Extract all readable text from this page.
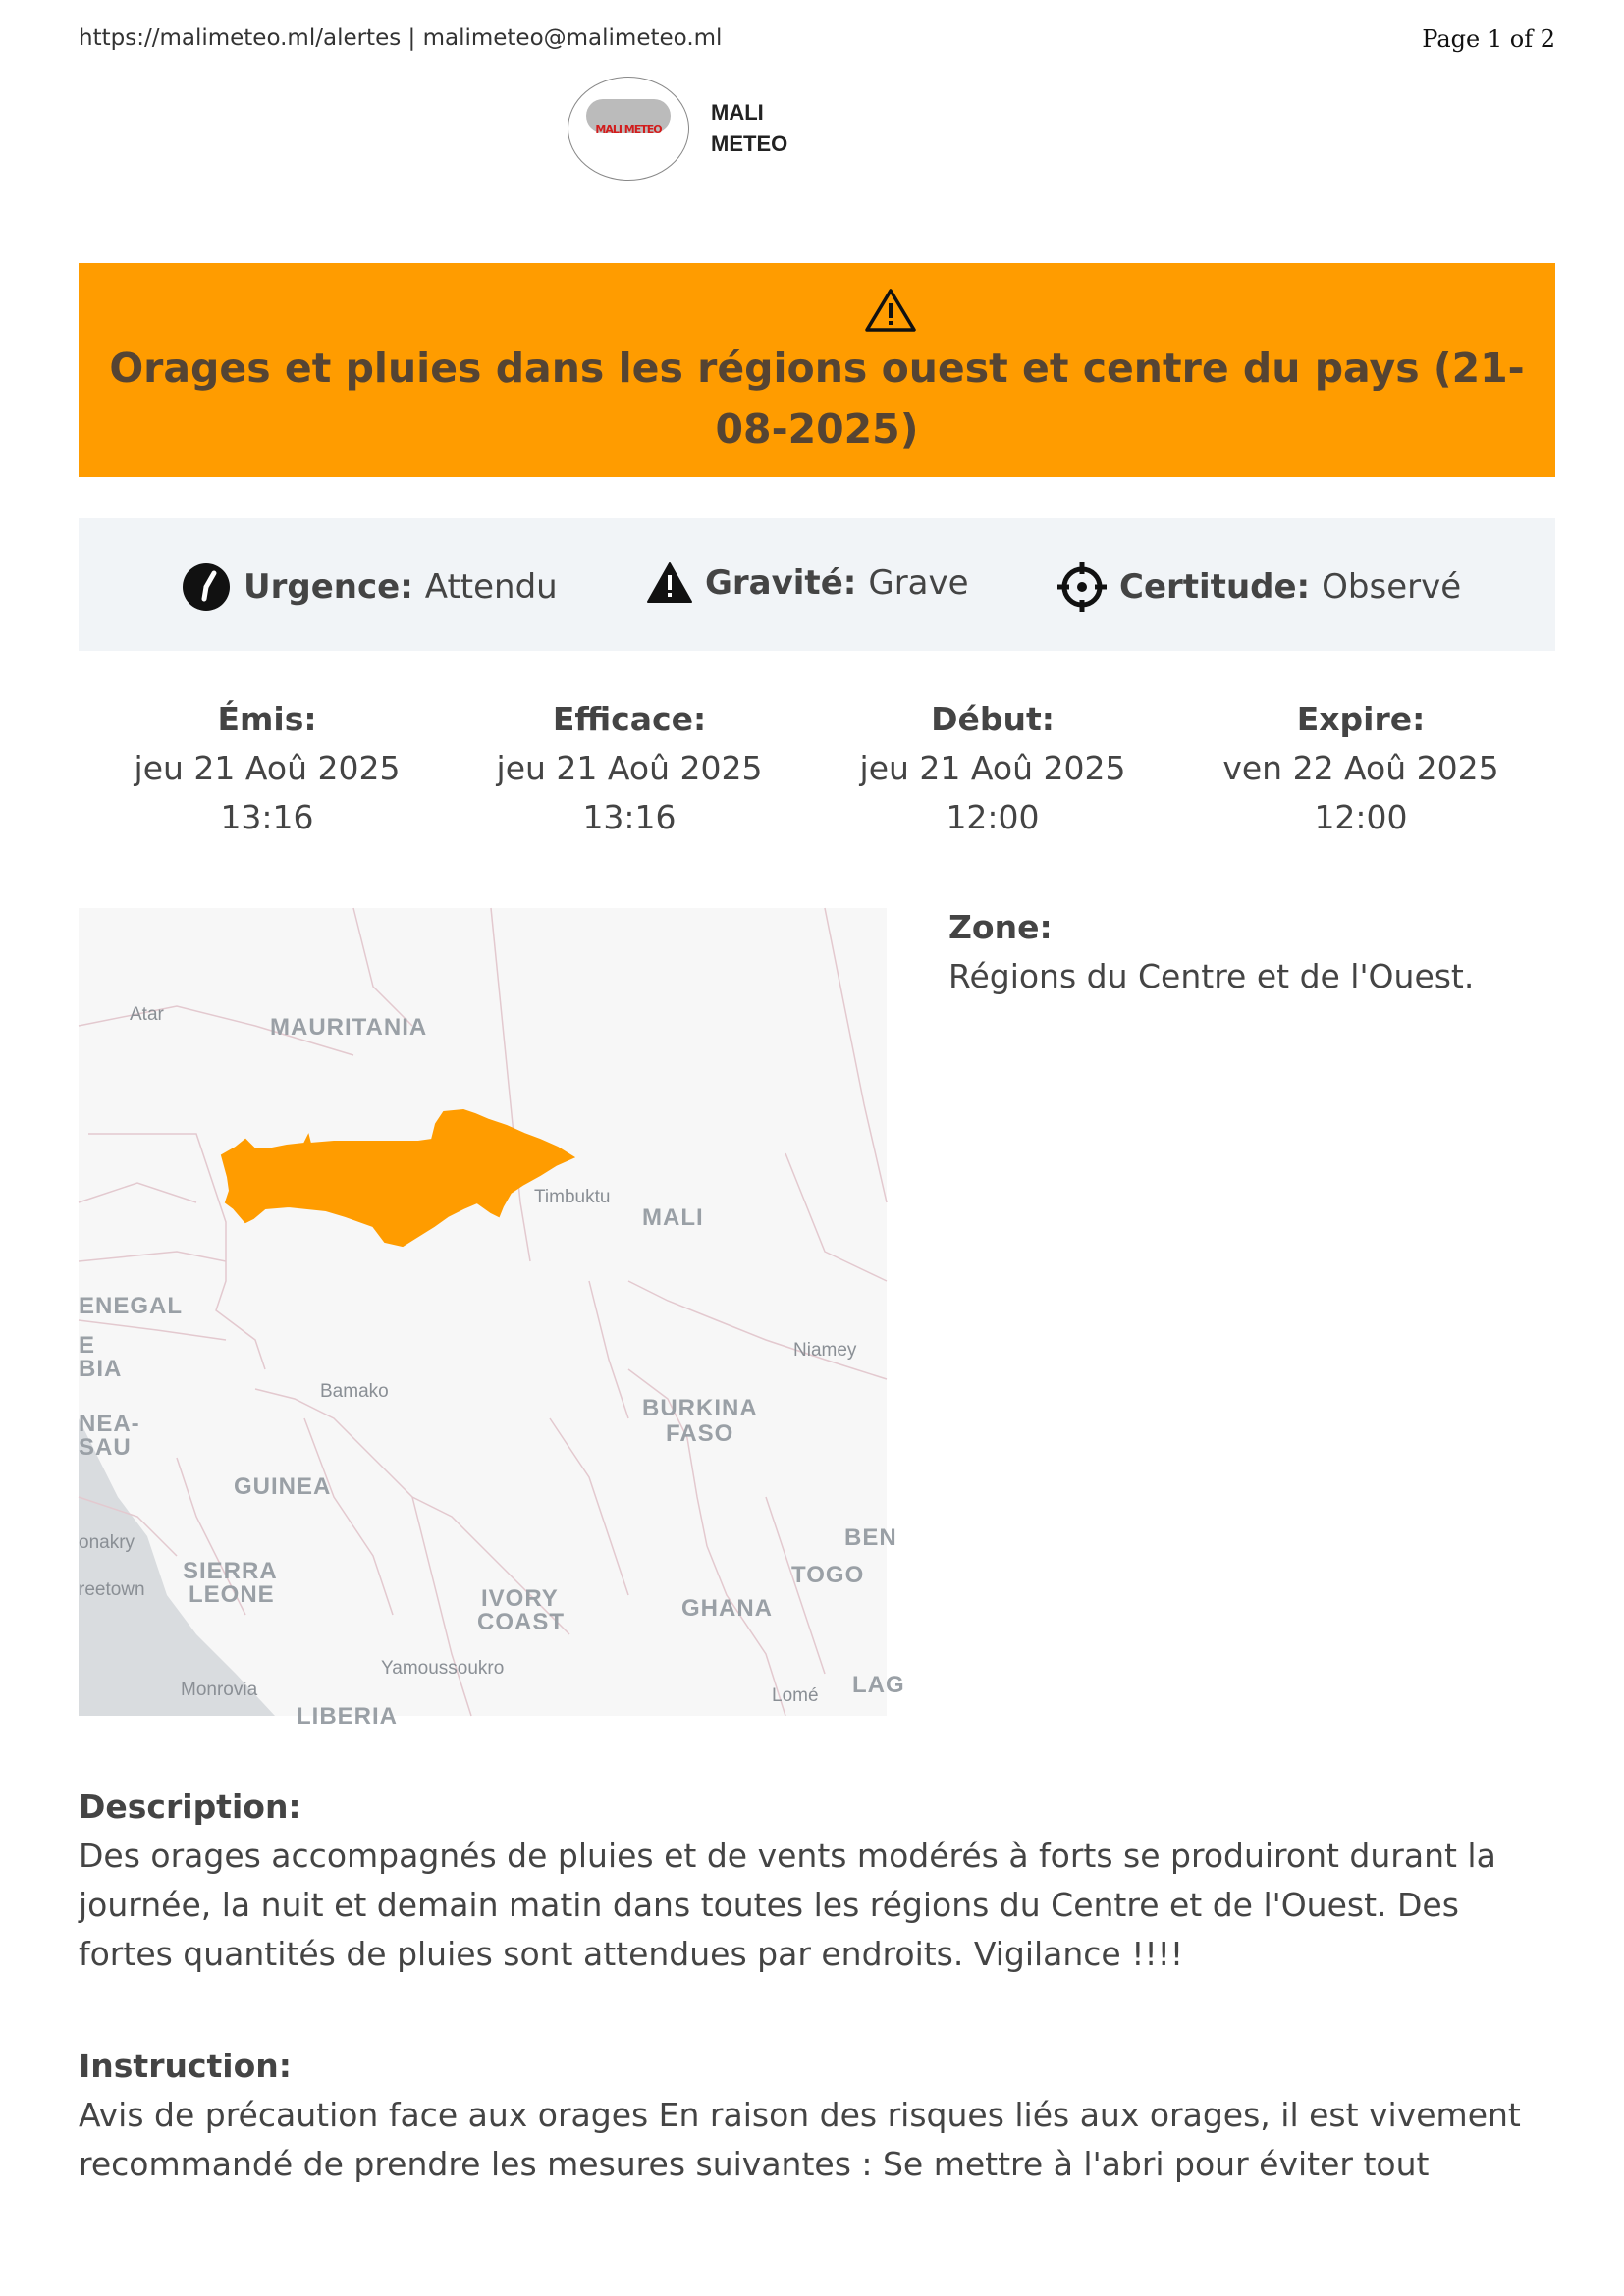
https://malimeteo.ml/alertes | malimeteo@malimeteo.ml	Page 1 of 2
MALI METEO
MALI
METEO
Orages et pluies dans les régions ouest et centre du pays (21-08-2025)
Urgence: Attendu	Gravité: Grave	Certitude: Observé
Émis:
jeu 21 Aoû 2025
13:16
Efficace:
jeu 21 Aoû 2025
13:16
Début:
jeu 21 Aoû 2025
12:00
Expire:
ven 22 Aoû 2025
12:00
MAURITANIA
Atar
Timbuktu
MALI
ENEGAL
E
BIA
Niamey
Bamako
BURKINA
FASO
NEA-
SAU
GUINEA
onakry
SIERRA
LEONE
reetown	IVORY
COAST
GHANA
TOGO
BEN
Yamoussoukro
Monrovia
LIBERIA
Lomé LAG
Zone:
Régions du Centre et de l'Ouest.
Description:
Des orages accompagnés de pluies et de vents modérés à forts se produiront durant la journée, la nuit et demain matin dans toutes les régions du Centre et de l'Ouest. Des fortes quantités de pluies sont attendues par endroits. Vigilance !!!!
Instruction:
Avis de précaution face aux orages En raison des risques liés aux orages, il est vivement recommandé de prendre les mesures suivantes : Se mettre à l'abri pour éviter tout
